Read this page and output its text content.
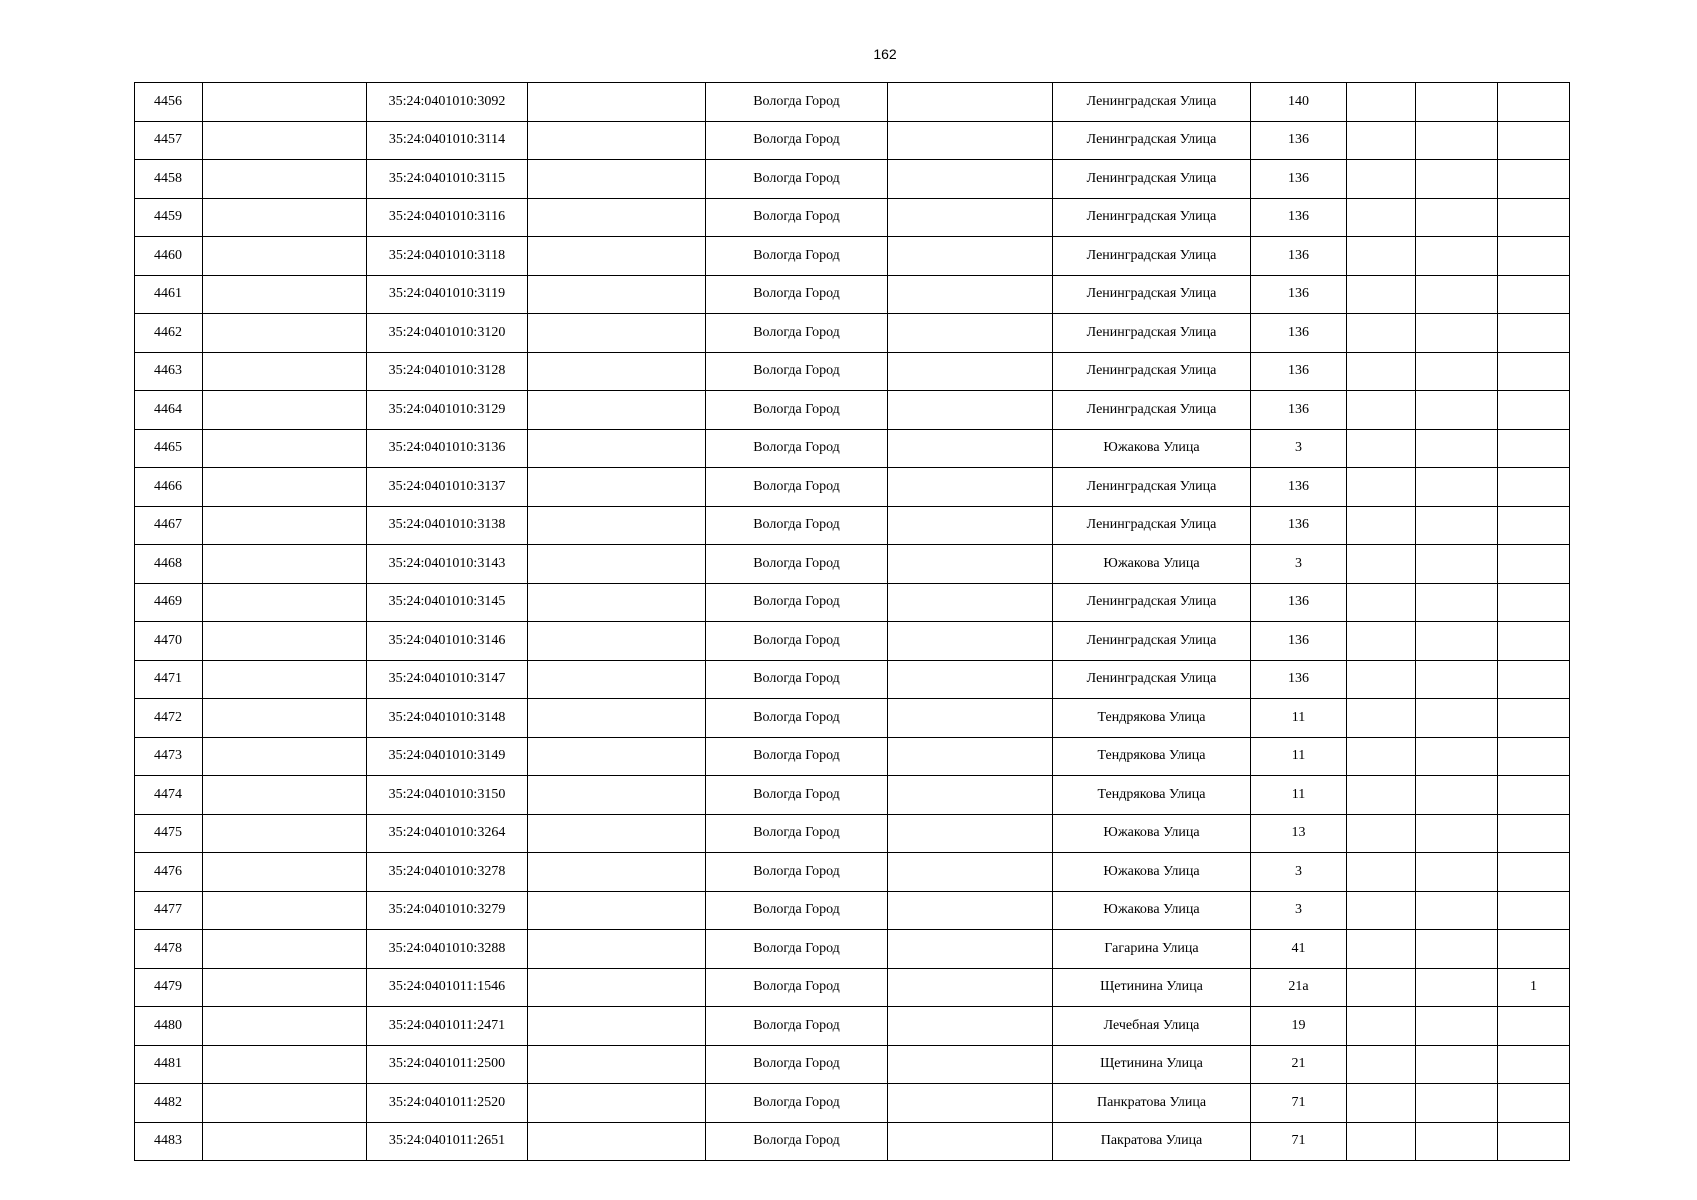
162
4456		35:24:0401010:3092		Вологда Город		Ленинградская Улица	140			
4457		35:24:0401010:3114		Вологда Город		Ленинградская Улица	136			
4458		35:24:0401010:3115		Вологда Город		Ленинградская Улица	136			
4459		35:24:0401010:3116		Вологда Город		Ленинградская Улица	136			
4460		35:24:0401010:3118		Вологда Город		Ленинградская Улица	136			
4461		35:24:0401010:3119		Вологда Город		Ленинградская Улица	136			
4462		35:24:0401010:3120		Вологда Город		Ленинградская Улица	136			
4463		35:24:0401010:3128		Вологда Город		Ленинградская Улица	136			
4464		35:24:0401010:3129		Вологда Город		Ленинградская Улица	136			
4465		35:24:0401010:3136		Вологда Город		Южакова Улица	3			
4466		35:24:0401010:3137		Вологда Город		Ленинградская Улица	136			
4467		35:24:0401010:3138		Вологда Город		Ленинградская Улица	136			
4468		35:24:0401010:3143		Вологда Город		Южакова Улица	3			
4469		35:24:0401010:3145		Вологда Город		Ленинградская Улица	136			
4470		35:24:0401010:3146		Вологда Город		Ленинградская Улица	136			
4471		35:24:0401010:3147		Вологда Город		Ленинградская Улица	136			
4472		35:24:0401010:3148		Вологда Город		Тендрякова Улица	11			
4473		35:24:0401010:3149		Вологда Город		Тендрякова Улица	11			
4474		35:24:0401010:3150		Вологда Город		Тендрякова Улица	11			
4475		35:24:0401010:3264		Вологда Город		Южакова Улица	13			
4476		35:24:0401010:3278		Вологда Город		Южакова Улица	3			
4477		35:24:0401010:3279		Вологда Город		Южакова Улица	3			
4478		35:24:0401010:3288		Вологда Город		Гагарина Улица	41			
4479		35:24:0401011:1546		Вологда Город		Щетинина Улица	21а			1
4480		35:24:0401011:2471		Вологда Город		Лечебная Улица	19			
4481		35:24:0401011:2500		Вологда Город		Щетинина Улица	21			
4482		35:24:0401011:2520		Вологда Город		Панкратова Улица	71			
4483		35:24:0401011:2651		Вологда Город		Пакратова Улица	71			
